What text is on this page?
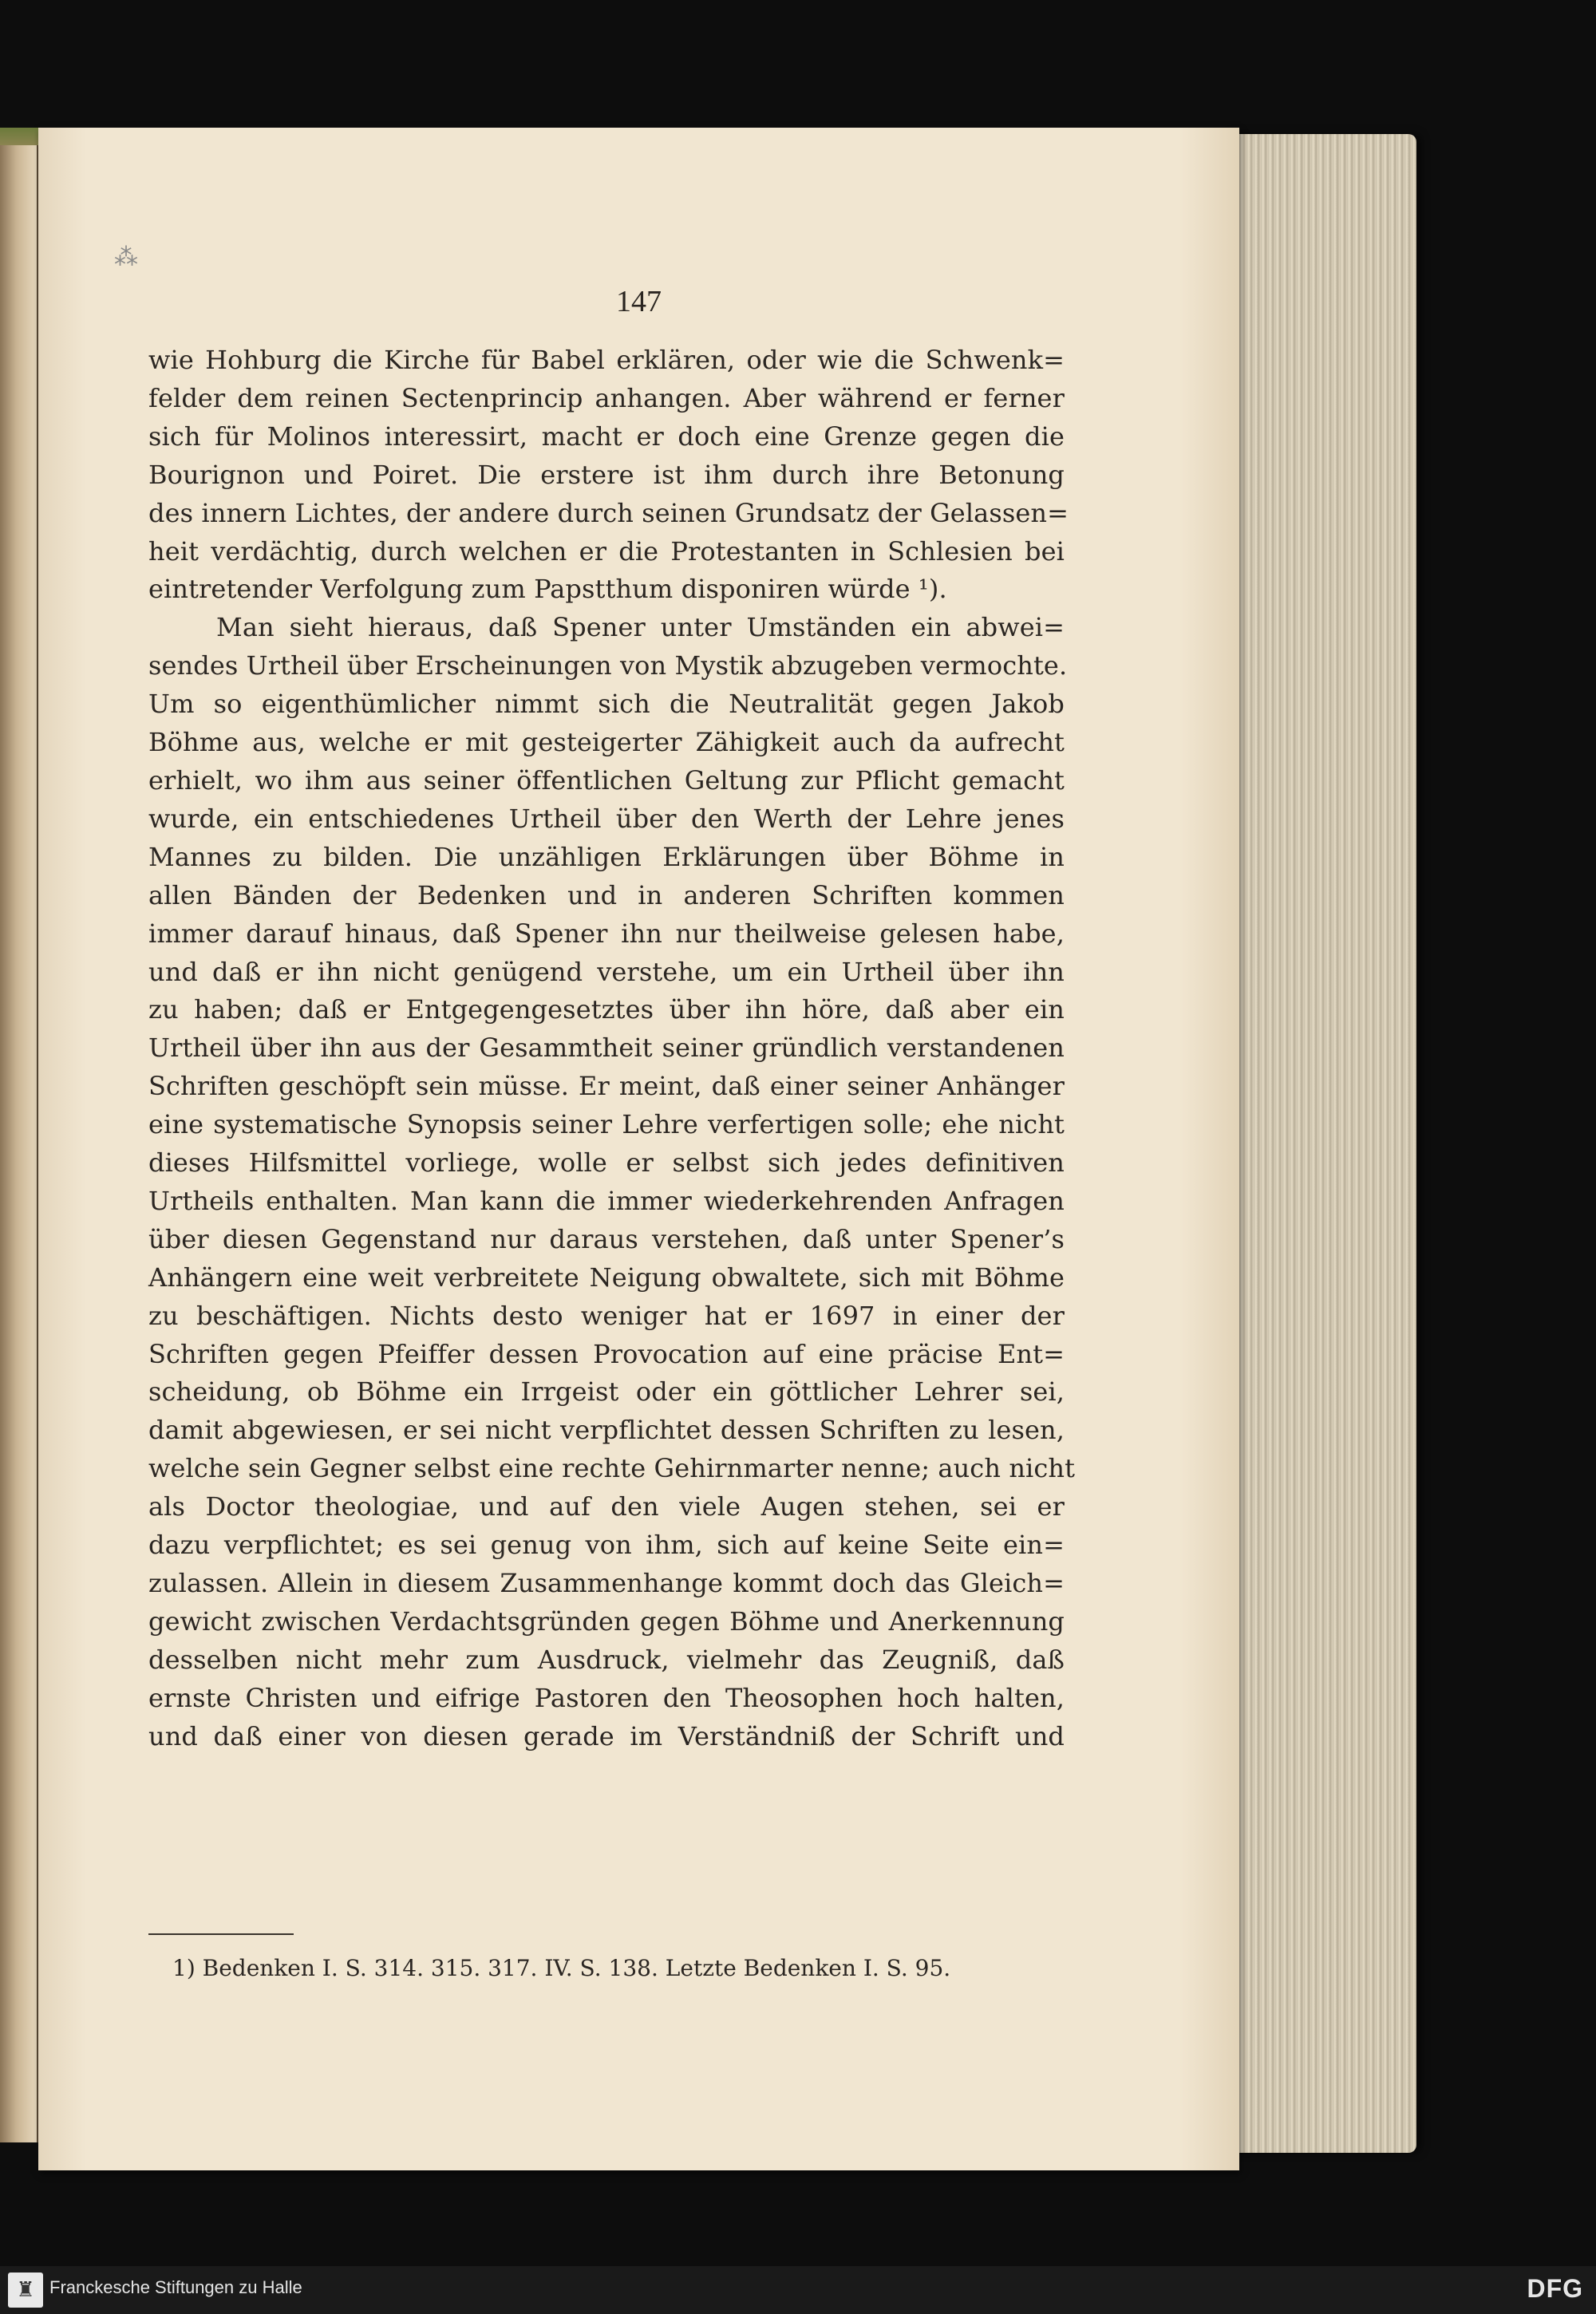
⁂
147
wie Hohburg die Kirche für Babel erklären, oder wie die Schwenk=
felder dem reinen Sectenprincip anhangen. Aber während er ferner
sich für Molinos interessirt, macht er doch eine Grenze gegen die
Bourignon und Poiret. Die erstere ist ihm durch ihre Betonung
des innern Lichtes, der andere durch seinen Grundsatz der Gelassen=
heit verdächtig, durch welchen er die Protestanten in Schlesien bei
eintretender Verfolgung zum Papstthum disponiren würde ¹).
Man sieht hieraus, daß Spener unter Umständen ein abwei=
sendes Urtheil über Erscheinungen von Mystik abzugeben vermochte.
Um so eigenthümlicher nimmt sich die Neutralität gegen Jakob
Böhme aus, welche er mit gesteigerter Zähigkeit auch da aufrecht
erhielt, wo ihm aus seiner öffentlichen Geltung zur Pflicht gemacht
wurde, ein entschiedenes Urtheil über den Werth der Lehre jenes
Mannes zu bilden. Die unzähligen Erklärungen über Böhme in
allen Bänden der Bedenken und in anderen Schriften kommen
immer darauf hinaus, daß Spener ihn nur theilweise gelesen habe,
und daß er ihn nicht genügend verstehe, um ein Urtheil über ihn
zu haben; daß er Entgegengesetztes über ihn höre, daß aber ein
Urtheil über ihn aus der Gesammtheit seiner gründlich verstandenen
Schriften geschöpft sein müsse. Er meint, daß einer seiner Anhänger
eine systematische Synopsis seiner Lehre verfertigen solle; ehe nicht
dieses Hilfsmittel vorliege, wolle er selbst sich jedes definitiven
Urtheils enthalten. Man kann die immer wiederkehrenden Anfragen
über diesen Gegenstand nur daraus verstehen, daß unter Spener’s
Anhängern eine weit verbreitete Neigung obwaltete, sich mit Böhme
zu beschäftigen. Nichts desto weniger hat er 1697 in einer der
Schriften gegen Pfeiffer dessen Provocation auf eine präcise Ent=
scheidung, ob Böhme ein Irrgeist oder ein göttlicher Lehrer sei,
damit abgewiesen, er sei nicht verpflichtet dessen Schriften zu lesen,
welche sein Gegner selbst eine rechte Gehirnmarter nenne; auch nicht
als Doctor theologiae, und auf den viele Augen stehen, sei er
dazu verpflichtet; es sei genug von ihm, sich auf keine Seite ein=
zulassen. Allein in diesem Zusammenhange kommt doch das Gleich=
gewicht zwischen Verdachtsgründen gegen Böhme und Anerkennung
desselben nicht mehr zum Ausdruck, vielmehr das Zeugniß, daß
ernste Christen und eifrige Pastoren den Theosophen hoch halten,
und daß einer von diesen gerade im Verständniß der Schrift und
1) Bedenken I. S. 314. 315. 317. IV. S. 138. Letzte Bedenken I. S. 95.
♜ Franckesche Stiftungen zu Halle	DFG
